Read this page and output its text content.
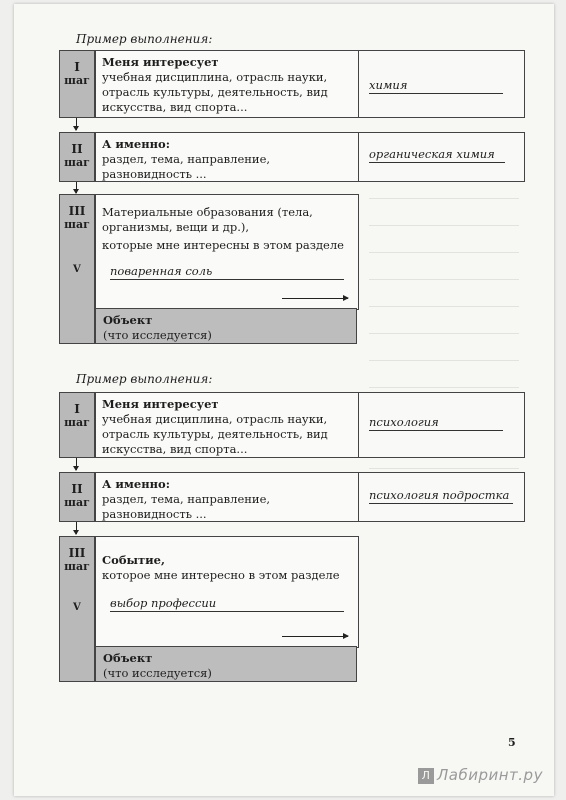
Пример выполнения:
I
шаг
Меня интересует
учебная дисциплина, отрасль науки, отрасль культуры, деятельность, вид искусства, вид спорта...
химия
II
шаг
А именно:
раздел, тема, направление, разновидность ...
органическая химия
III
шаг
V
Материальные образования (тела, организмы, вещи и др.),
которые мне интересны в этом разделе
поваренная соль
Объект
(что исследуется)
Пример выполнения:
I
шаг
Меня интересует
учебная дисциплина, отрасль науки, отрасль культуры, деятельность, вид искусства, вид спорта...
психология
II
шаг
А именно:
раздел, тема, направление, разновидность ...
психология подростка
III
шаг
V
Событие,
которое мне интересно в этом разделе
выбор профессии
Объект
(что исследуется)
5
Л Лабиринт.ру
